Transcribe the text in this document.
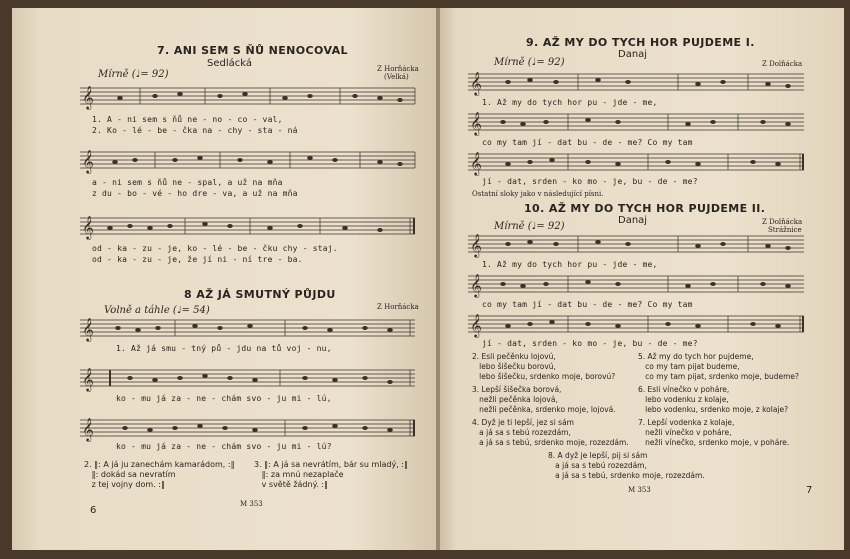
7. ANI SEM S ŇŮ NENOCOVAL
Sedlácká	Z Horňácka
(Velká)
Mírně (♩= 92)
𝄞
1. A - ni sem s ňů ne - no - co - val,
2. Ko - lé - be - čka na - chy - sta - ná
𝄞
a - ni sem s ňů ne - spal, a už na mňa
z du - bo - vé - ho dre - va, a už na mňa
𝄞
od - ka - zu - je, ko - lé - be - čku chy - staj.
od - ka - zu - je, že jí ni - ní tre - ba.
8 AŽ JÁ SMUTNÝ PŮJDU
Z Horňácka
Volně a táhle (♩= 54)
𝄞
1. Až já smu - tný pů - jdu na tů voj - nu,
𝄞
ko - mu já za - ne - chám svo - ju mi - lú,
𝄞
ko - mu já za - ne - chám svo - ju mi - lú?
2. ‖: A já ju zanechám kamarádom, :‖
‖: dokád sa nevratím
z tej vojny dom. :‖
3. ‖: A já sa nevrátím, bár su mladý, :‖
‖: za mnú nezaplače
v světě žádný. :‖
6
M 353
9. AŽ MY DO TYCH HOR PUJDEME I.
Danaj
Z Dolňácka
Mírně (♩= 92)
𝄞
1. Až my do tych hor pu - jde - me,
𝄞
co my tam jí - dat bu - de - me? Co my tam
𝄞
jí - dat, srden - ko mo - je, bu - de - me?
Ostatní sloky jako v následující písni.
10. AŽ MY DO TYCH HOR PUJDEME II.
Danaj	Z Dolňácka
Strážnice
Mírně (♩= 92)
𝄞
1. Až my do tych hor pu - jde - me,
𝄞
co my tam jí - dat bu - de - me? Co my tam
𝄞
jí - dat, srden - ko mo - je, bu - de - me?
2. Esli pečěnku lojovú,
lebo šišečku borovú,
lebo šišečku, srdenko moje, borovú?
5. Až my do tych hor pujdeme,
co my tam pijat budeme,
co my tam pijat, srdenko moje, budeme?
3. Lepší šišečka borová,
nežli pečěnka lojová,
nežli pečěnka, srdenko moje, lojová.
6. Esli vínečko v poháre,
lebo vodenku z kolaje,
lebo vodenku, srdenko moje, z kolaje?
4. Dyž je ti lepší, jez si sám
a já sa s tebú rozezdám,
a já sa s tebú, srdenko moje, rozezdám.
7. Lepší vodenka z kolaje,
nežli vínečko v poháre,
nežli vínečko, srdenko moje, v poháre.
8. A dyž je lepší, pij si sám
a já sa s tebú rozezdám,
a já sa s tebú, srdenko moje, rozezdám.
M 353	7
